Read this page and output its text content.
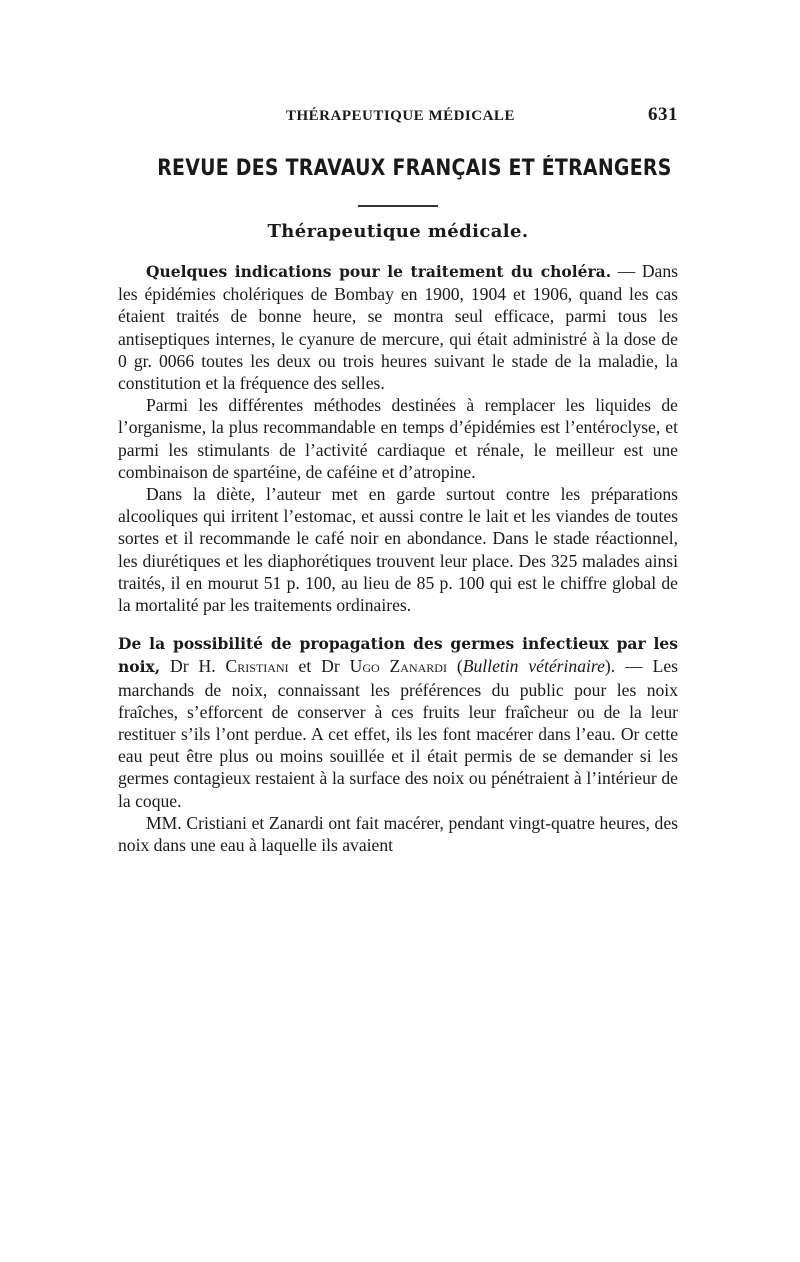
THÉRAPEUTIQUE MÉDICALE	631
REVUE DES TRAVAUX FRANÇAIS ET ÉTRANGERS
Thérapeutique médicale.

Quelques indications pour le traitement du choléra. — Dans les épidémies cholériques de Bombay en 1900, 1904 et 1906, quand les cas étaient traités de bonne heure, se montra seul efficace, parmi tous les antiseptiques internes, le cyanure de mercure, qui était administré à la dose de 0 gr. 0066 toutes les deux ou trois heures suivant le stade de la maladie, la constitution et la fréquence des selles.

Parmi les différentes méthodes destinées à remplacer les liquides de l’organisme, la plus recommandable en temps d’épidémies est l’entéroclyse, et parmi les stimulants de l’activité cardiaque et rénale, le meilleur est une combinaison de spartéine, de caféine et d’atropine.

Dans la diète, l’auteur met en garde surtout contre les préparations alcooliques qui irritent l’estomac, et aussi contre le lait et les viandes de toutes sortes et il recommande le café noir en abondance. Dans le stade réactionnel, les diurétiques et les diaphorétiques trouvent leur place. Des 325 malades ainsi traités, il en mourut 51 p. 100, au lieu de 85 p. 100 qui est le chiffre global de la mortalité par les traitements ordinaires.

De la possibilité de propagation des germes infectieux par les noix, Dr H. Cristiani et Dr Ugo Zanardi (Bulletin vétérinaire). — Les marchands de noix, connaissant les préférences du public pour les noix fraîches, s’efforcent de conserver à ces fruits leur fraîcheur ou de la leur restituer s’ils l’ont perdue. A cet effet, ils les font macérer dans l’eau. Or cette eau peut être plus ou moins souillée et il était permis de se demander si les germes contagieux restaient à la surface des noix ou pénétraient à l’intérieur de la coque.

MM. Cristiani et Zanardi ont fait macérer, pendant vingt-quatre heures, des noix dans une eau à laquelle ils avaient
